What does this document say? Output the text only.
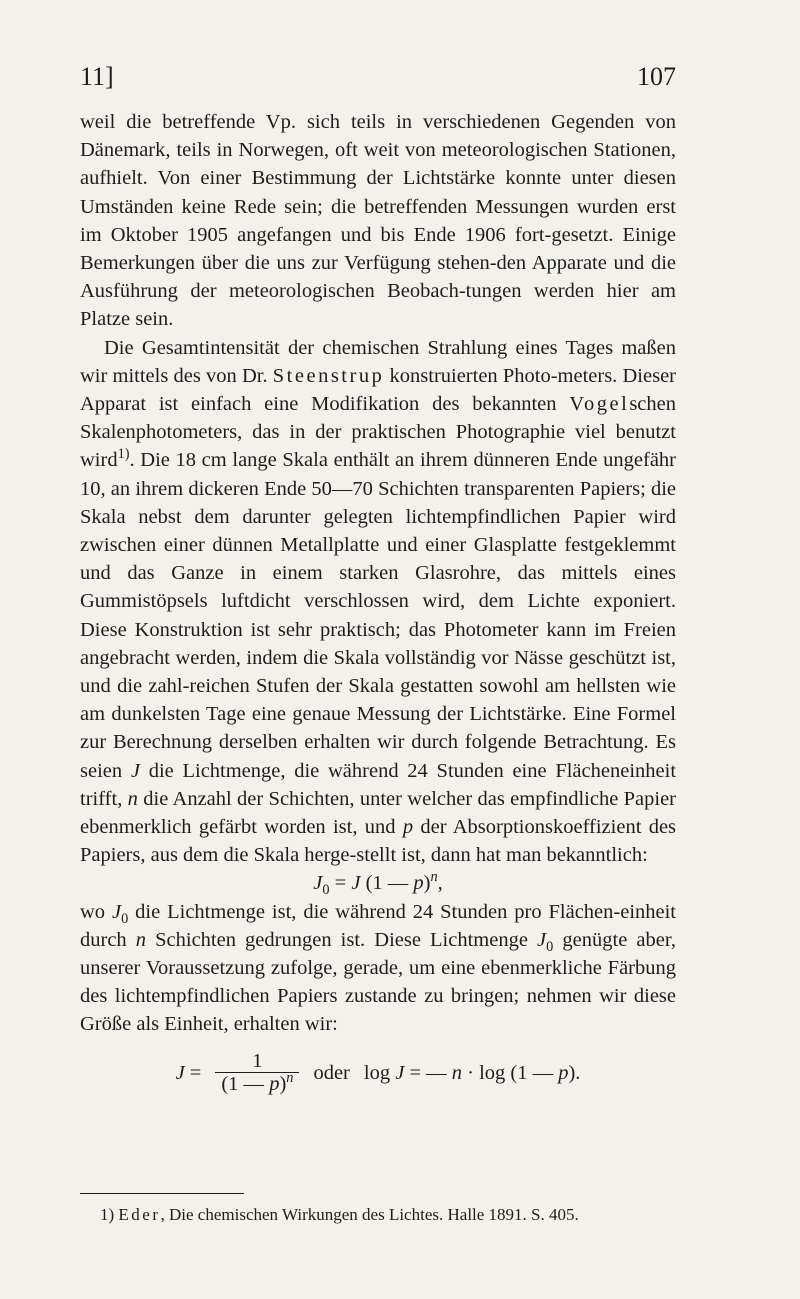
11]	107

weil die betreffende Vp. sich teils in verschiedenen Gegenden von Dänemark, teils in Norwegen, oft weit von meteorologischen Stationen, aufhielt. Von einer Bestimmung der Lichtstärke konnte unter diesen Umständen keine Rede sein; die betreffenden Messungen wurden erst im Oktober 1905 angefangen und bis Ende 1906 fort-gesetzt. Einige Bemerkungen über die uns zur Verfügung stehen-den Apparate und die Ausführung der meteorologischen Beobach-tungen werden hier am Platze sein.

Die Gesamtintensität der chemischen Strahlung eines Tages maßen wir mittels des von Dr. Steenstrup konstruierten Photo-meters. Dieser Apparat ist einfach eine Modifikation des bekannten Vogelschen Skalenphotometers, das in der praktischen Photographie viel benutzt wird$^{1)}$. Die 18 cm lange Skala enthält an ihrem dünneren Ende ungefähr 10, an ihrem dickeren Ende 50—70 Schichten transparenten Papiers; die Skala nebst dem darunter gelegten lichtempfindlichen Papier wird zwischen einer dünnen Metallplatte und einer Glasplatte festgeklemmt und das Ganze in einem starken Glasrohre, das mittels eines Gummistöpsels luftdicht verschlossen wird, dem Lichte exponiert. Diese Konstruktion ist sehr praktisch; das Photometer kann im Freien angebracht werden, indem die Skala vollständig vor Nässe geschützt ist, und die zahl-reichen Stufen der Skala gestatten sowohl am hellsten wie am dunkelsten Tage eine genaue Messung der Lichtstärke. Eine Formel zur Berechnung derselben erhalten wir durch folgende Betrachtung. Es seien J die Lichtmenge, die während 24 Stunden eine Flächeneinheit trifft, n die Anzahl der Schichten, unter welcher das empfindliche Papier ebenmerklich gefärbt worden ist, und p der Absorptionskoeffizient des Papiers, aus dem die Skala herge-stellt ist, dann hat man bekanntlich:

$J_0 = J$ (1 — p)$^n$,

wo $J_0$ die Lichtmenge ist, die während 24 Stunden pro Flächen-einheit durch n Schichten gedrungen ist. Diese Lichtmenge $J_0$ genügte aber, unserer Voraussetzung zufolge, gerade, um eine ebenmerkliche Färbung des lichtempfindlichen Papiers zustande zu bringen; nehmen wir diese Größe als Einheit, erhalten wir:

$J = \frac{1}{(1 — p)^n}$ oder log J = — n · log (1 — p).
1) Eder, Die chemischen Wirkungen des Lichtes. Halle 1891. S. 405.
